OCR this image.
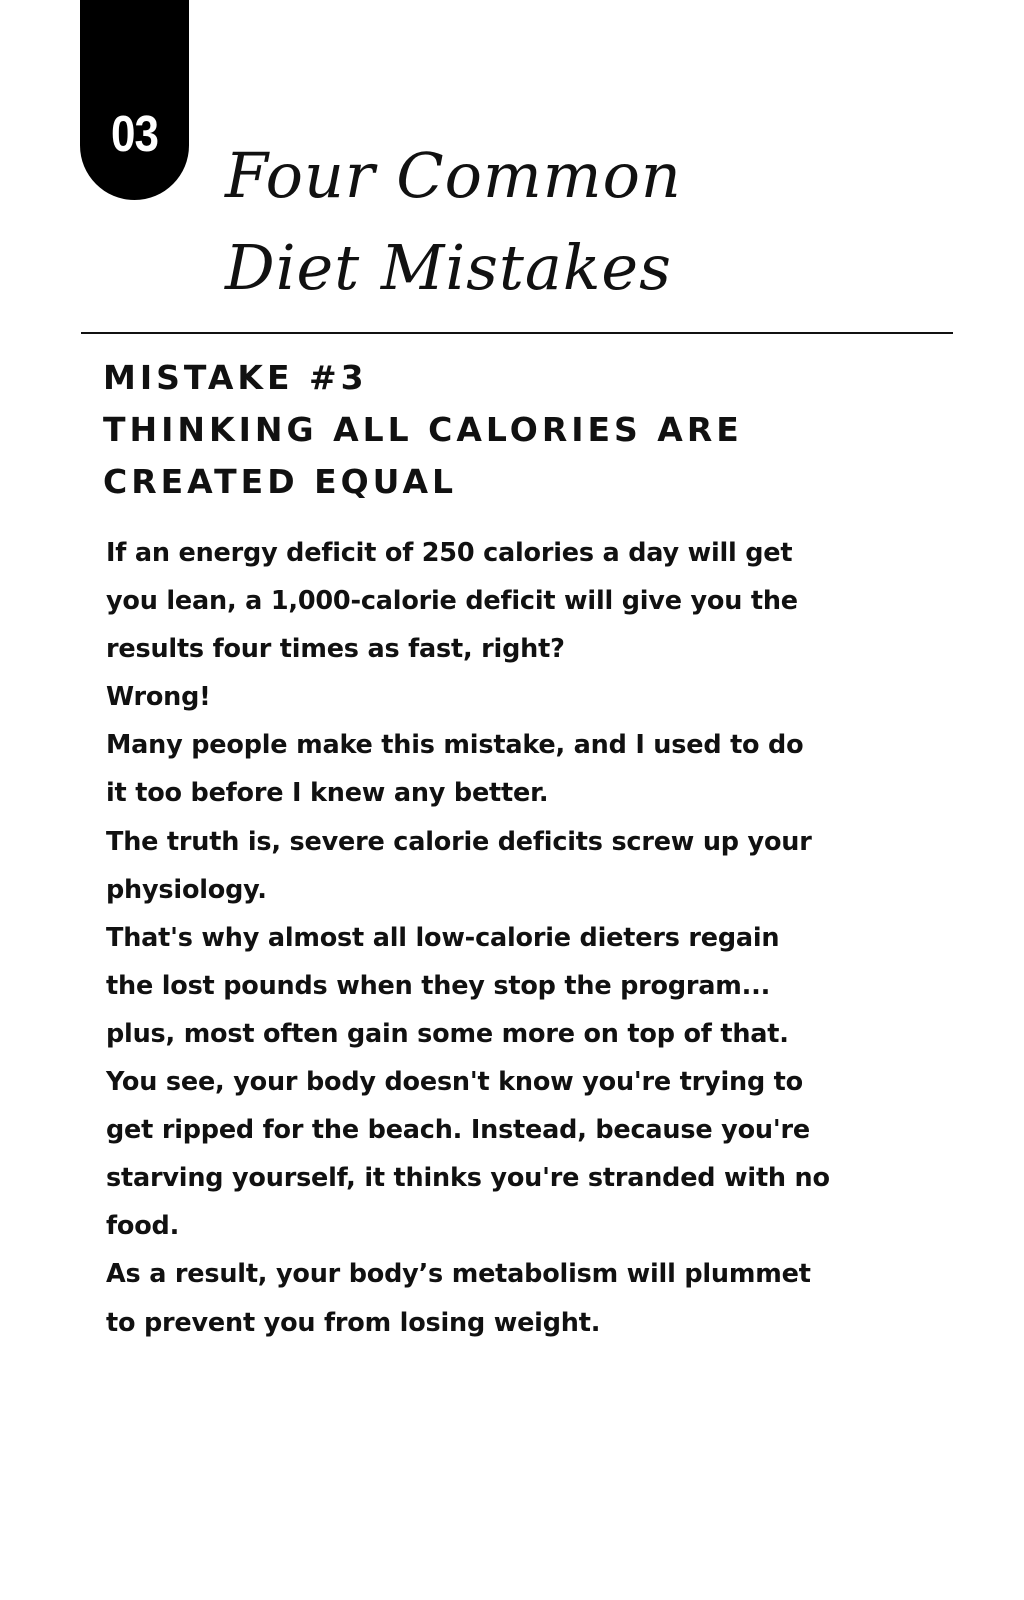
03
Four Common

Diet Mistakes
MISTAKE #3
THINKING ALL CALORIES ARE
CREATED EQUAL
If an energy deficit of 250 calories a day will get
you lean, a 1,000-calorie deficit will give you the
results four times as fast, right?
Wrong!
Many people make this mistake, and I used to do
it too before I knew any better.
The truth is, severe calorie deficits screw up your
physiology.
That's why almost all low-calorie dieters regain
the lost pounds when they stop the program...
plus, most often gain some more on top of that.
You see, your body doesn't know you're trying to
get ripped for the beach. Instead, because you're
starving yourself, it thinks you're stranded with no
food.
As a result, your body’s metabolism will plummet
to prevent you from losing weight.
